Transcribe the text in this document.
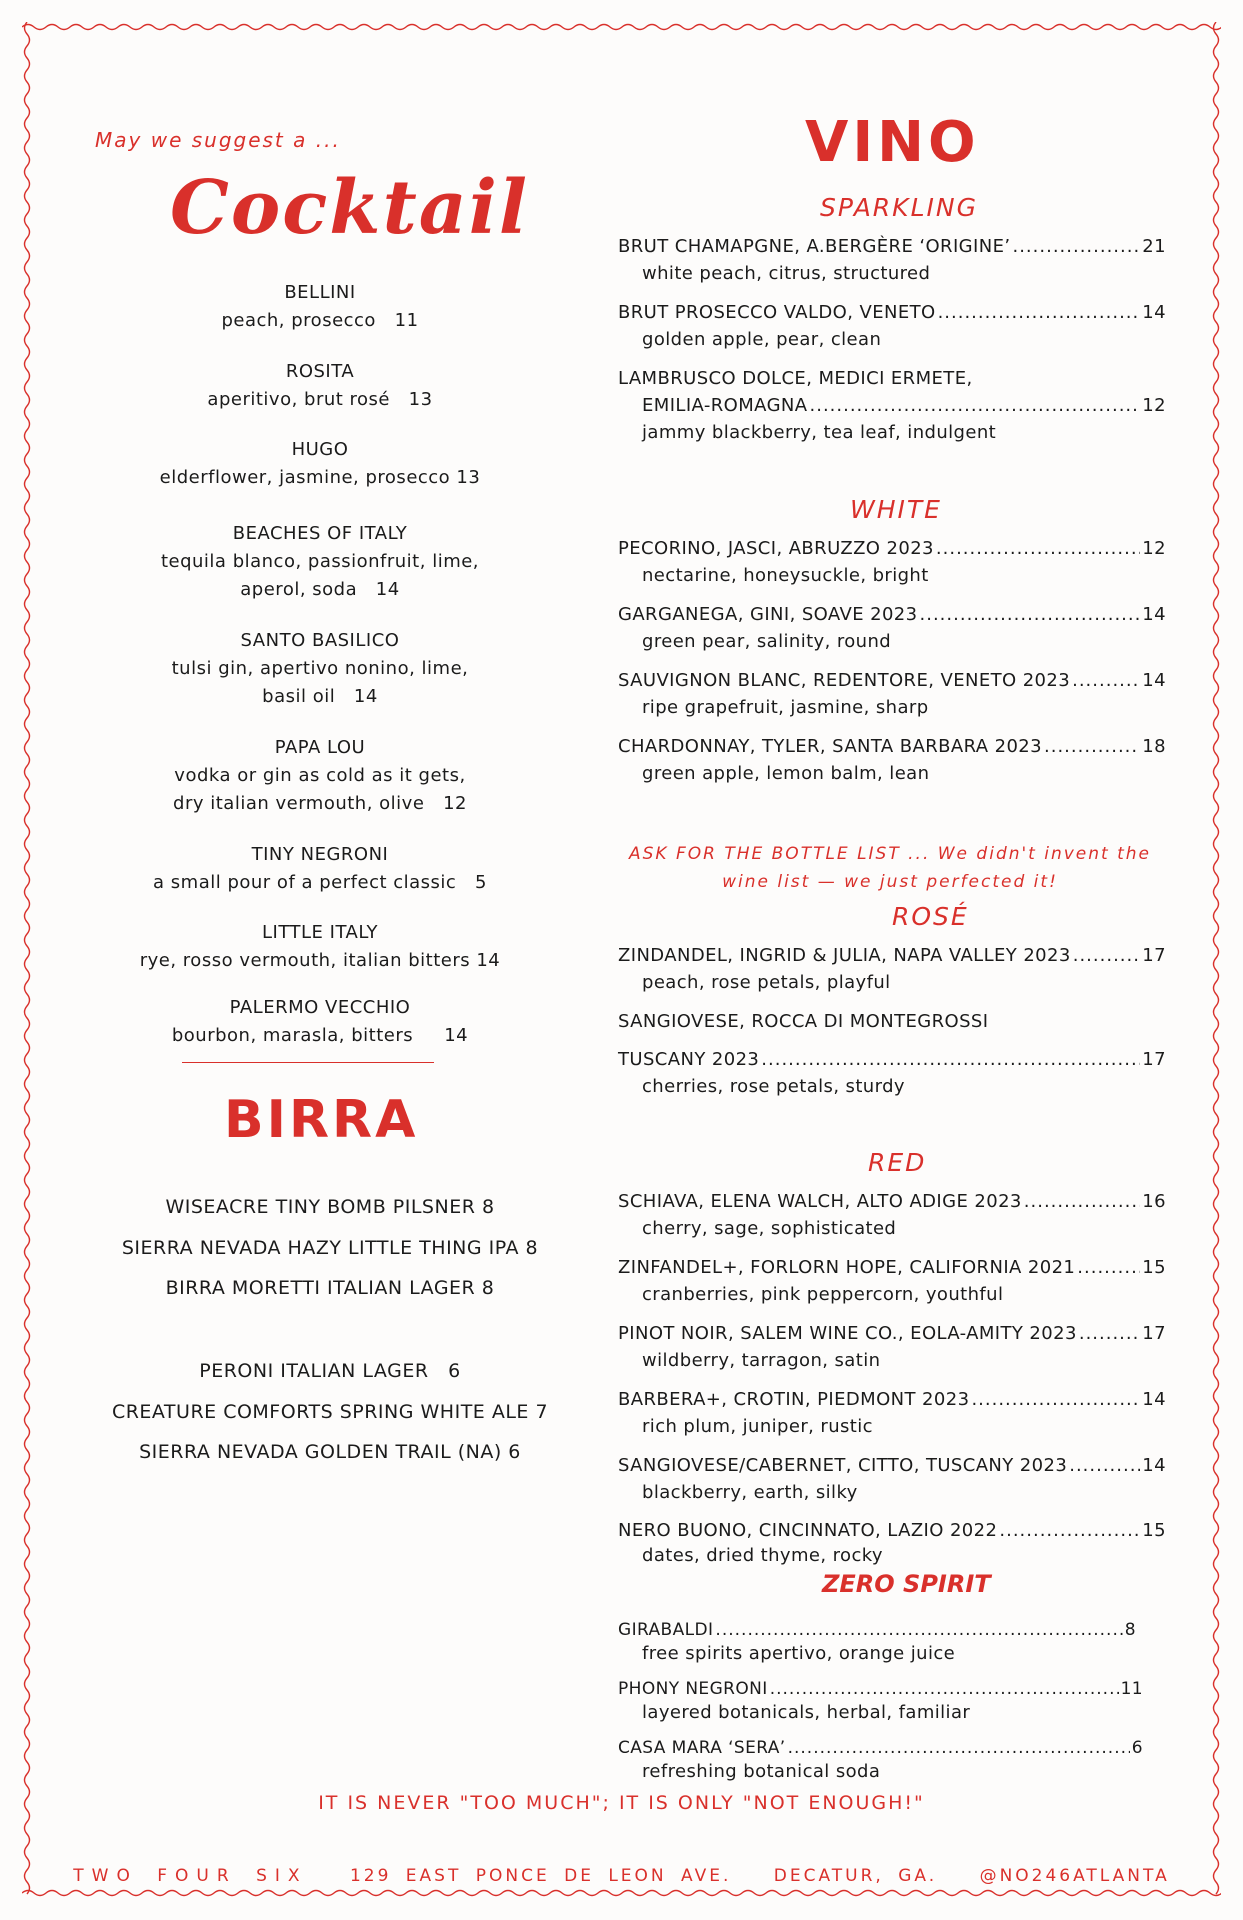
May we suggest a ...
Cocktail
BELLINI
peach, prosecco   11
ROSITA
aperitivo, brut rosé   13
HUGO
elderflower, jasmine, prosecco 13
BEACHES OF ITALY
tequila blanco, passionfruit, lime,
aperol, soda   14
SANTO BASILICO
tulsi gin, apertivo nonino, lime,
basil oil   14
PAPA LOU
vodka or gin as cold as it gets,
dry italian vermouth, olive   12
TINY NEGRONI
a small pour of a perfect classic   5
LITTLE ITALY
rye, rosso vermouth, italian bitters 14
PALERMO VECCHIO
bourbon, marasla, bitters     14
BIRRA
WISEACRE TINY BOMB PILSNER 8
SIERRA NEVADA HAZY LITTLE THING IPA 8
BIRRA MORETTI ITALIAN LAGER 8
PERONI ITALIAN LAGER   6
CREATURE COMFORTS SPRING WHITE ALE 7
SIERRA NEVADA GOLDEN TRAIL (NA) 6
VINO
SPARKLING
BRUT CHAMAPGNE, A.BERGÈRE ‘ORIGINE’ .....	21
white peach, citrus, structured
BRUT PROSECCO VALDO, VENETO .....	14
golden apple, pear, clean
LAMBRUSCO DOLCE, MEDICI ERMETE,
EMILIA-ROMAGNA .....	12
jammy blackberry, tea leaf, indulgent
WHITE
PECORINO, JASCI, ABRUZZO 2023 .....	12
nectarine, honeysuckle, bright
GARGANEGA, GINI, SOAVE 2023 .....	14
green pear, salinity, round
SAUVIGNON BLANC, REDENTORE, VENETO 2023 .....	14
ripe grapefruit, jasmine, sharp
CHARDONNAY, TYLER, SANTA BARBARA 2023 .....	18
green apple, lemon balm, lean
ASK FOR THE BOTTLE LIST ... We didn't invent the
wine list — we just perfected it!
ROSÉ
ZINDANDEL, INGRID & JULIA, NAPA VALLEY 2023 .....	17
peach, rose petals, playful
SANGIOVESE, ROCCA DI MONTEGROSSI
TUSCANY 2023 .....	17
cherries, rose petals, sturdy
RED
SCHIAVA, ELENA WALCH, ALTO ADIGE 2023 .....	16
cherry, sage, sophisticated
ZINFANDEL+, FORLORN HOPE, CALIFORNIA 2021 .....	15
cranberries, pink peppercorn, youthful
PINOT NOIR, SALEM WINE CO., EOLA-AMITY 2023 .....	17
wildberry, tarragon, satin
BARBERA+, CROTIN, PIEDMONT 2023 .....	14
rich plum, juniper, rustic
SANGIOVESE/CABERNET, CITTO, TUSCANY 2023 .....	14
blackberry, earth, silky
NERO BUONO, CINCINNATO, LAZIO 2022 .....	15
dates, dried thyme, rocky
ZERO SPIRIT
GIRABALDI .....	8
free spirits apertivo, orange juice
PHONY NEGRONI .....	11
layered botanicals, herbal, familiar
CASA MARA ‘SERA’ .....	6
refreshing botanical soda
IT IS NEVER "TOO MUCH"; IT IS ONLY "NOT ENOUGH!"
TWO FOUR SIX 129 EAST PONCE DE LEON AVE. DECATUR, GA. @NO246ATLANTA
